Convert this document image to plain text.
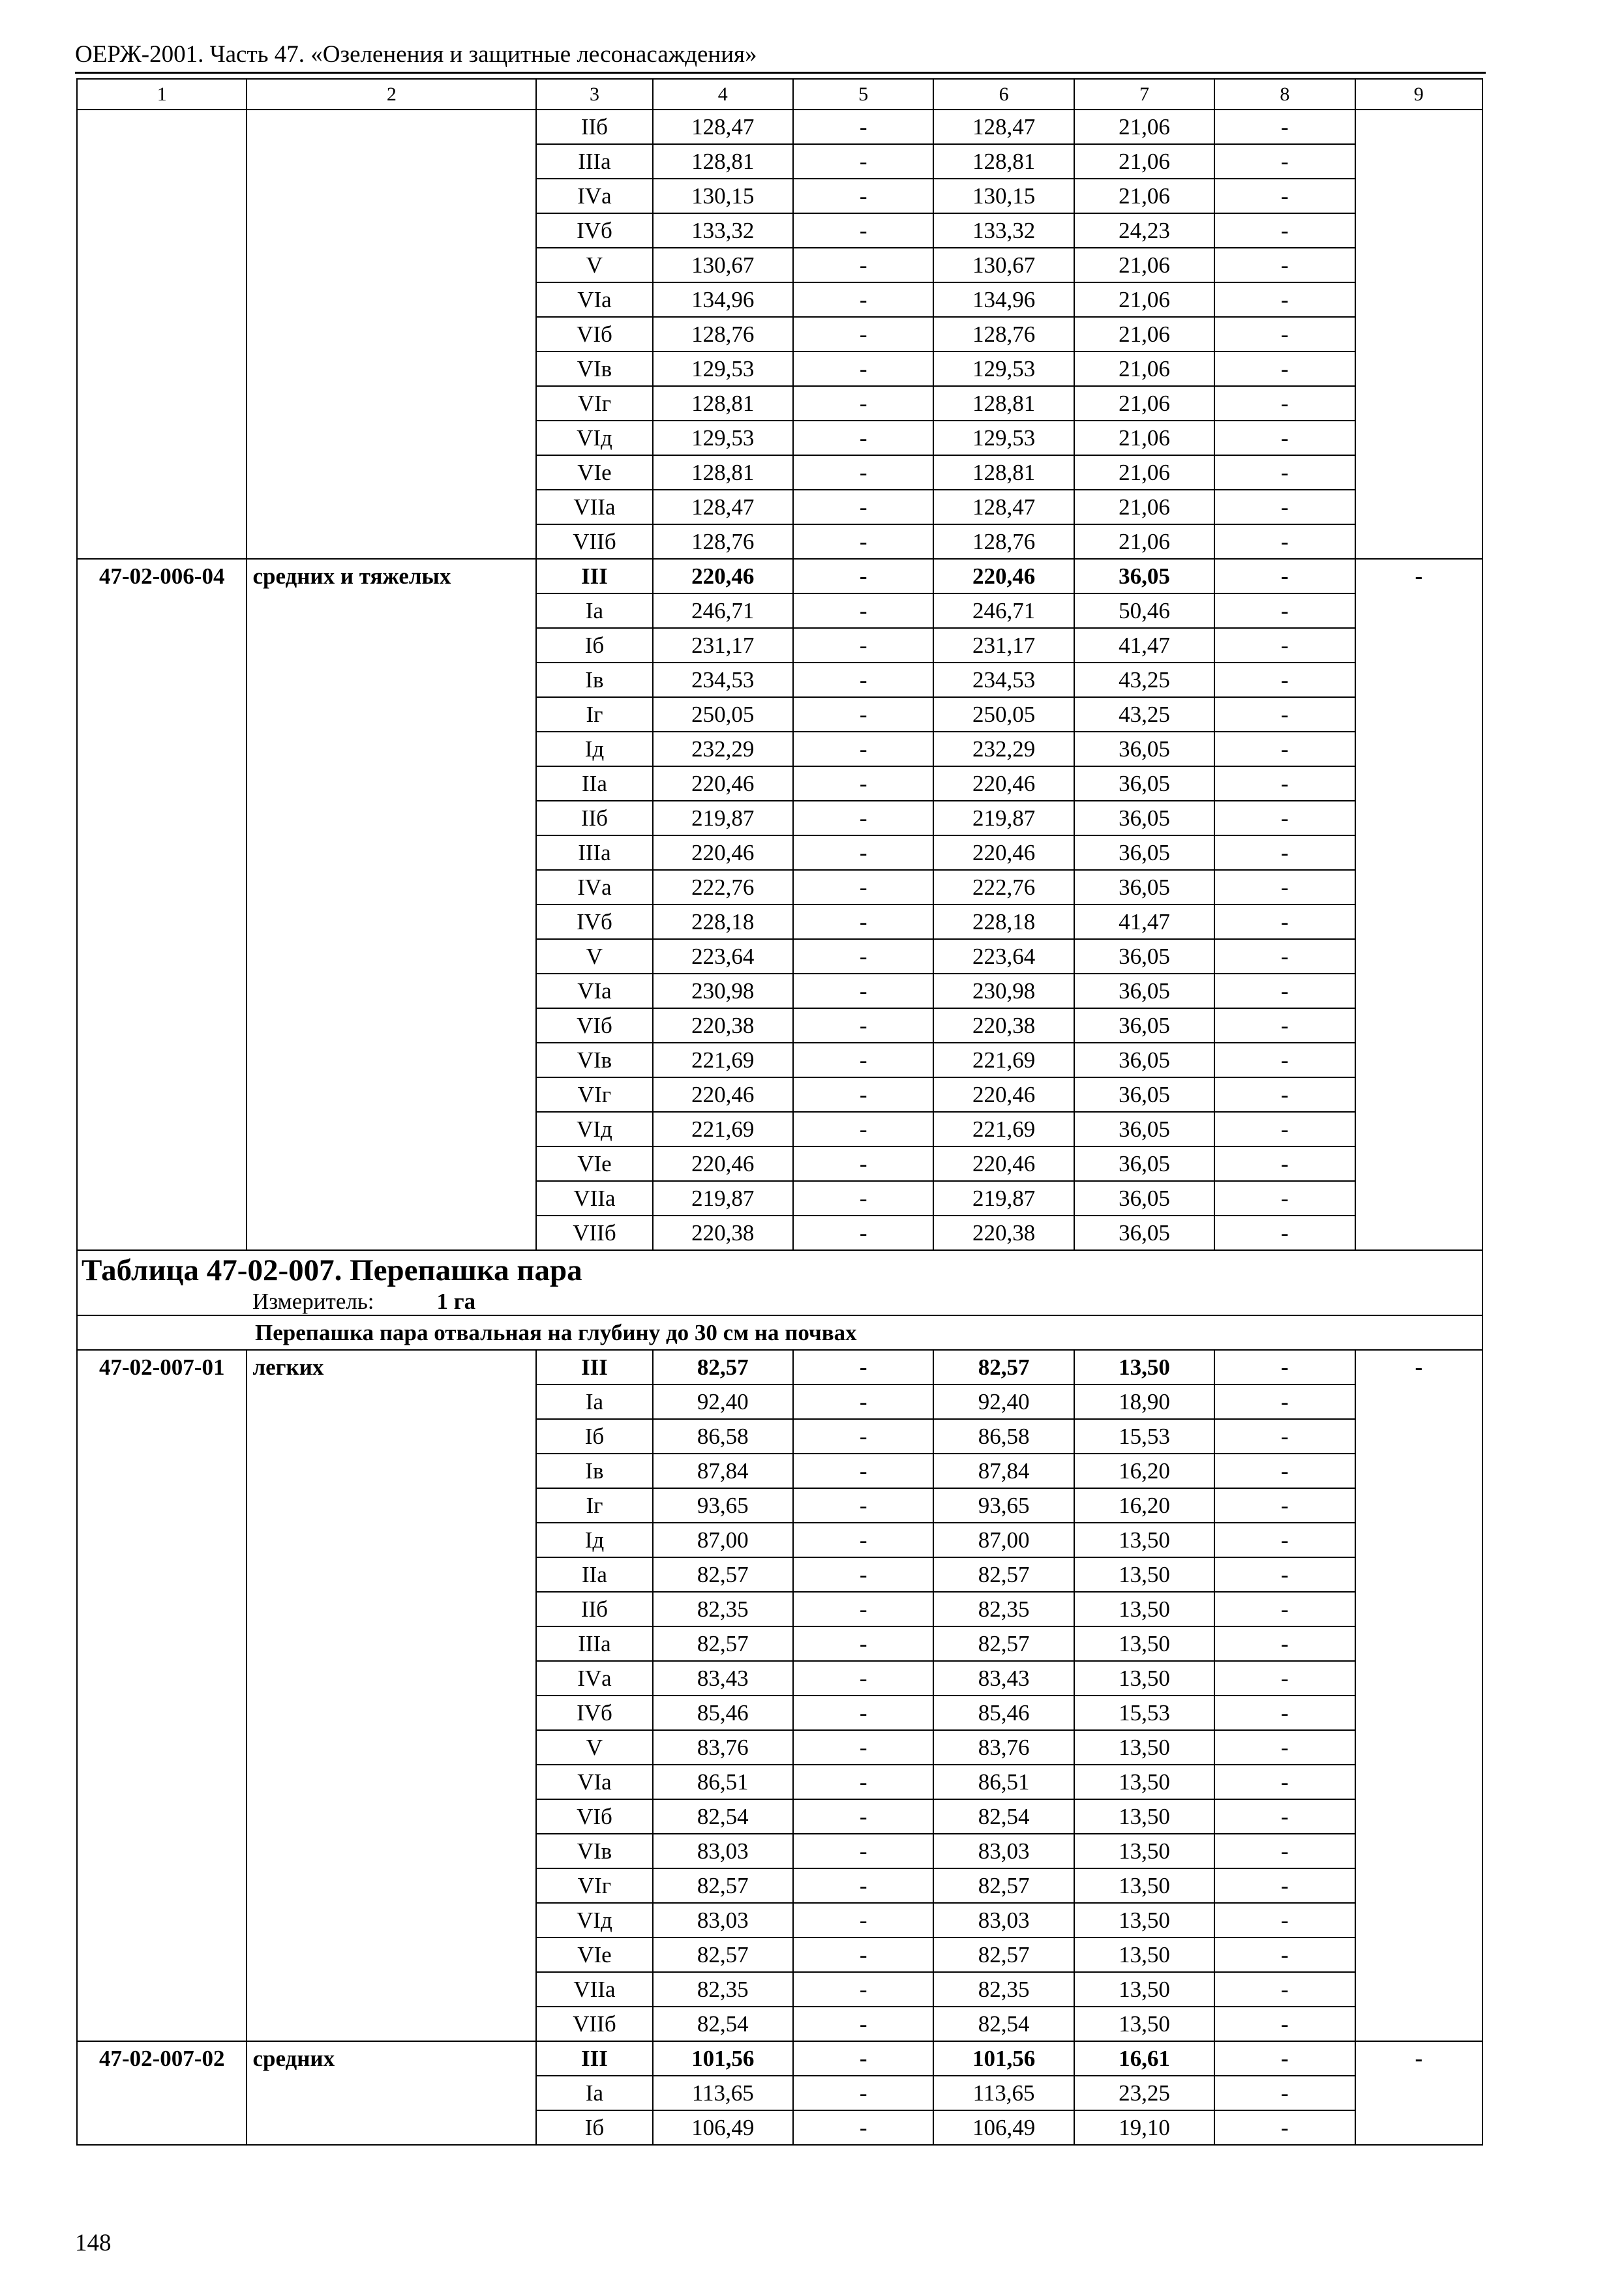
ОЕРЖ-2001. Часть 47. «Озеленения и защитные лесонасаждения»
1	2	3	4	5	6	7	8	9
		IIб	128,47	-	128,47	21,06	-	
		IIIа	128,81	-	128,81	21,06	-	
		IVа	130,15	-	130,15	21,06	-	
		IVб	133,32	-	133,32	24,23	-	
		V	130,67	-	130,67	21,06	-	
		VIа	134,96	-	134,96	21,06	-	
		VIб	128,76	-	128,76	21,06	-	
		VIв	129,53	-	129,53	21,06	-	
		VIг	128,81	-	128,81	21,06	-	
		VIд	129,53	-	129,53	21,06	-	
		VIе	128,81	-	128,81	21,06	-	
		VIIа	128,47	-	128,47	21,06	-	
		VIIб	128,76	-	128,76	21,06	-	
47-02-006-04	средних и тяжелых	III	220,46	-	220,46	36,05	-	-
		Iа	246,71	-	246,71	50,46	-	
		Iб	231,17	-	231,17	41,47	-	
		Iв	234,53	-	234,53	43,25	-	
		Iг	250,05	-	250,05	43,25	-	
		Iд	232,29	-	232,29	36,05	-	
		IIа	220,46	-	220,46	36,05	-	
		IIб	219,87	-	219,87	36,05	-	
		IIIа	220,46	-	220,46	36,05	-	
		IVа	222,76	-	222,76	36,05	-	
		IVб	228,18	-	228,18	41,47	-	
		V	223,64	-	223,64	36,05	-	
		VIа	230,98	-	230,98	36,05	-	
		VIб	220,38	-	220,38	36,05	-	
		VIв	221,69	-	221,69	36,05	-	
		VIг	220,46	-	220,46	36,05	-	
		VIд	221,69	-	221,69	36,05	-	
		VIе	220,46	-	220,46	36,05	-	
		VIIа	219,87	-	219,87	36,05	-	
		VIIб	220,38	-	220,38	36,05	-	

Таблица 47-02-007. Перепашка пара
Измеритель: 1 га								

Перепашка пара отвальная на глубину до 30 см на почвах								
47-02-007-01	легких	III	82,57	-	82,57	13,50	-	-
		Iа	92,40	-	92,40	18,90	-	
		Iб	86,58	-	86,58	15,53	-	
		Iв	87,84	-	87,84	16,20	-	
		Iг	93,65	-	93,65	16,20	-	
		Iд	87,00	-	87,00	13,50	-	
		IIа	82,57	-	82,57	13,50	-	
		IIб	82,35	-	82,35	13,50	-	
		IIIа	82,57	-	82,57	13,50	-	
		IVа	83,43	-	83,43	13,50	-	
		IVб	85,46	-	85,46	15,53	-	
		V	83,76	-	83,76	13,50	-	
		VIа	86,51	-	86,51	13,50	-	
		VIб	82,54	-	82,54	13,50	-	
		VIв	83,03	-	83,03	13,50	-	
		VIг	82,57	-	82,57	13,50	-	
		VIд	83,03	-	83,03	13,50	-	
		VIе	82,57	-	82,57	13,50	-	
		VIIа	82,35	-	82,35	13,50	-	
		VIIб	82,54	-	82,54	13,50	-	
47-02-007-02	средних	III	101,56	-	101,56	16,61	-	-
		Iа	113,65	-	113,65	23,25	-	
		Iб	106,49	-	106,49	19,10	-	
148
